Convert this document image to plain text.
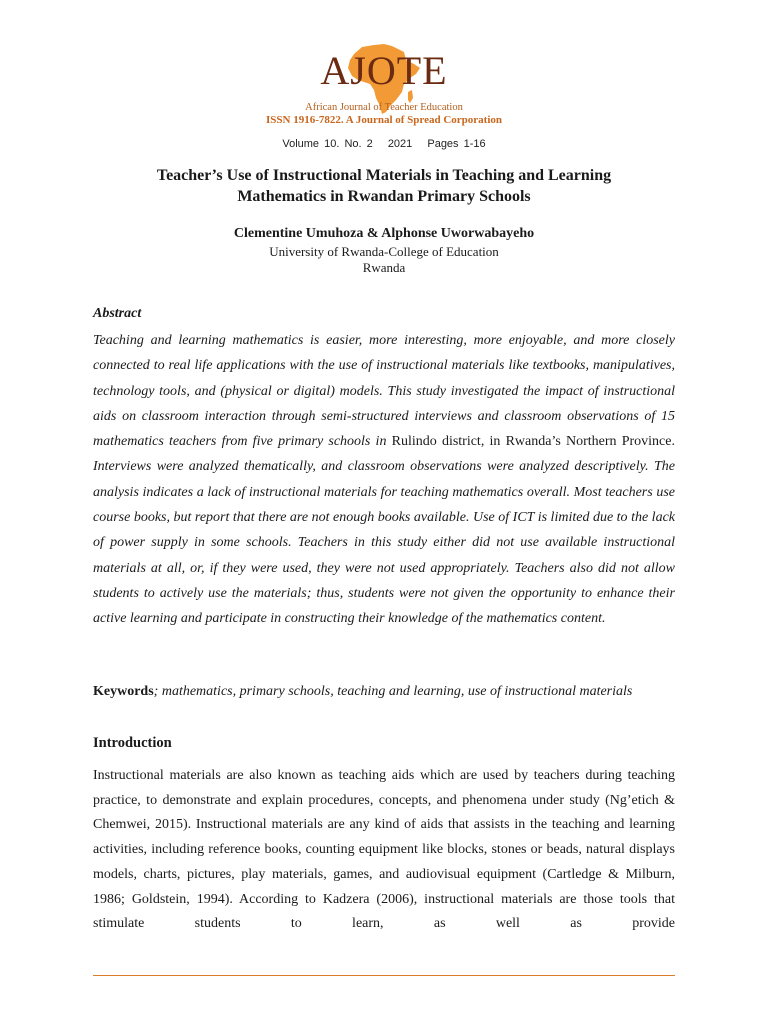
AJOTE
African Journal of Teacher Education
ISSN 1916-7822. A Journal of Spread Corporation
Volume 10. No. 2 2021 Pages 1-16
Teacher’s Use of Instructional Materials in Teaching and Learning
Mathematics in Rwandan Primary Schools
Clementine Umuhoza & Alphonse Uworwabayeho
University of Rwanda-College of Education
Rwanda
Abstract
Teaching and learning mathematics is easier, more interesting, more enjoyable, and more closely connected to real life applications with the use of instructional materials like textbooks, manipulatives, technology tools, and (physical or digital) models. This study investigated the impact of instructional aids on classroom interaction through semi-structured interviews and classroom observations of 15 mathematics teachers from five primary schools in Rulindo district, in Rwanda’s Northern Province. Interviews were analyzed thematically, and classroom observations were analyzed descriptively. The analysis indicates a lack of instructional materials for teaching mathematics overall. Most teachers use course books, but report that there are not enough books available. Use of ICT is limited due to the lack of power supply in some schools. Teachers in this study either did not use available instructional materials at all, or, if they were used, they were not used appropriately. Teachers also did not allow students to actively use the materials; thus, students were not given the opportunity to enhance their active learning and participate in constructing their knowledge of the mathematics content.
Keywords; mathematics, primary schools, teaching and learning, use of instructional materials
Introduction
Instructional materials are also known as teaching aids which are used by teachers during teaching practice, to demonstrate and explain procedures, concepts, and phenomena under study (Ng’etich & Chemwei, 2015). Instructional materials are any kind of aids that assists in the teaching and learning activities, including reference books, counting equipment like blocks, stones or beads, natural displays models, charts, pictures, play materials, games, and audiovisual equipment (Cartledge & Milburn, 1986; Goldstein, 1994). According to Kadzera (2006), instructional materials are those tools that stimulate students to learn, as well as provide
